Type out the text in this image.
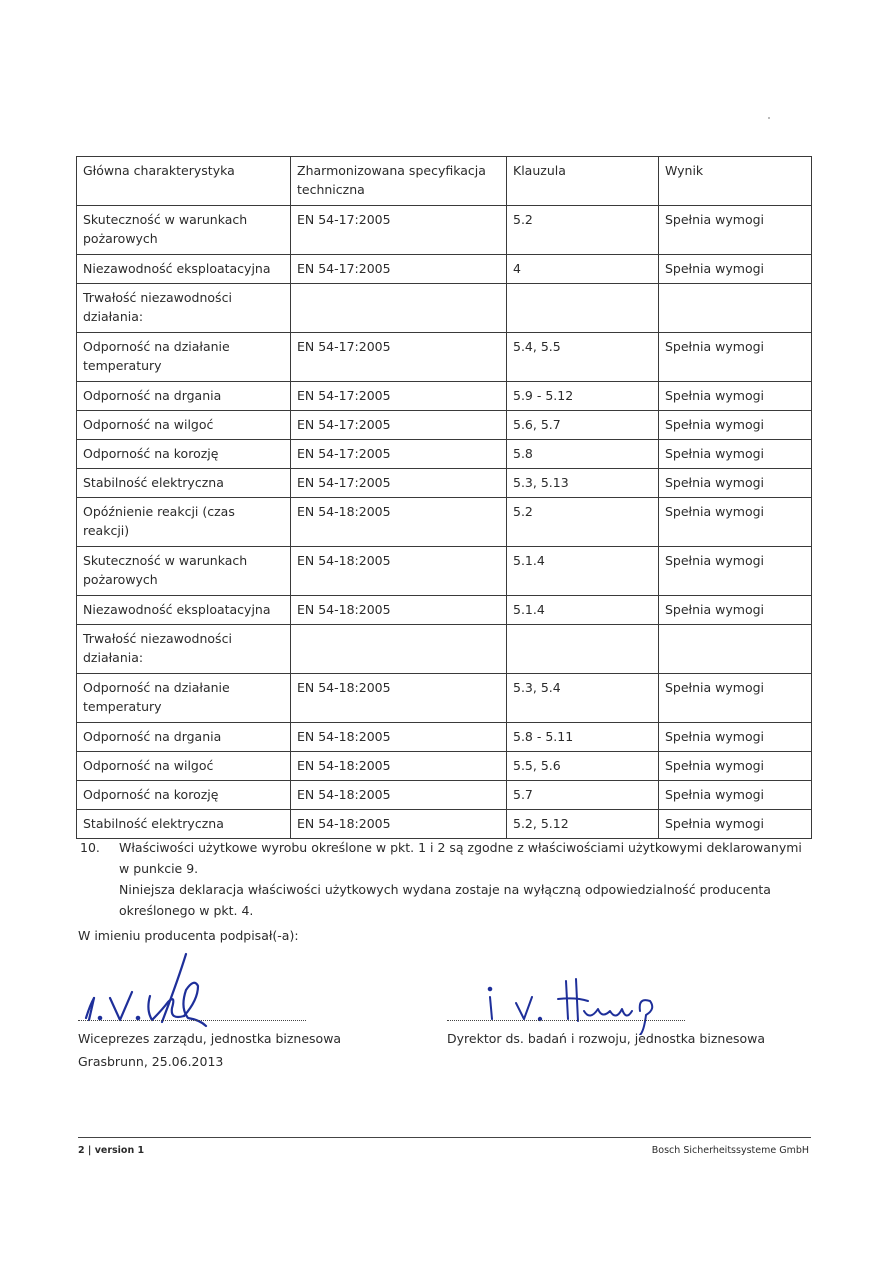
Główna charakterystyka	Zharmonizowana specyfikacja techniczna	Klauzula	Wynik
Skuteczność w warunkach pożarowych	EN 54-17:2005	5.2	Spełnia wymogi
Niezawodność eksploatacyjna	EN 54-17:2005	4	Spełnia wymogi
Trwałość niezawodności działania:			
Odporność na działanie temperatury	EN 54-17:2005	5.4, 5.5	Spełnia wymogi
Odporność na drgania	EN 54-17:2005	5.9 - 5.12	Spełnia wymogi
Odporność na wilgoć	EN 54-17:2005	5.6, 5.7	Spełnia wymogi
Odporność na korozję	EN 54-17:2005	5.8	Spełnia wymogi
Stabilność elektryczna	EN 54-17:2005	5.3, 5.13	Spełnia wymogi
Opóźnienie reakcji (czas reakcji)	EN 54-18:2005	5.2	Spełnia wymogi
Skuteczność w warunkach pożarowych	EN 54-18:2005	5.1.4	Spełnia wymogi
Niezawodność eksploatacyjna	EN 54-18:2005	5.1.4	Spełnia wymogi
Trwałość niezawodności działania:			
Odporność na działanie temperatury	EN 54-18:2005	5.3, 5.4	Spełnia wymogi
Odporność na drgania	EN 54-18:2005	5.8 - 5.11	Spełnia wymogi
Odporność na wilgoć	EN 54-18:2005	5.5, 5.6	Spełnia wymogi
Odporność na korozję	EN 54-18:2005	5.7	Spełnia wymogi
Stabilność elektryczna	EN 54-18:2005	5.2, 5.12	Spełnia wymogi
10. Właściwości użytkowe wyrobu określone w pkt. 1 i 2 są zgodne z właściwościami użytkowymi deklarowanymi w punkcie 9.
Niniejsza deklaracja właściwości użytkowych wydana zostaje na wyłączną odpowiedzialność producenta określonego w pkt. 4.
W imieniu producenta podpisał(-a):
Wiceprezes zarządu, jednostka biznesowa	Dyrektor ds. badań i rozwoju, jednostka biznesowa
Grasbrunn, 25.06.2013
2 | version 1	Bosch Sicherheitssysteme GmbH
